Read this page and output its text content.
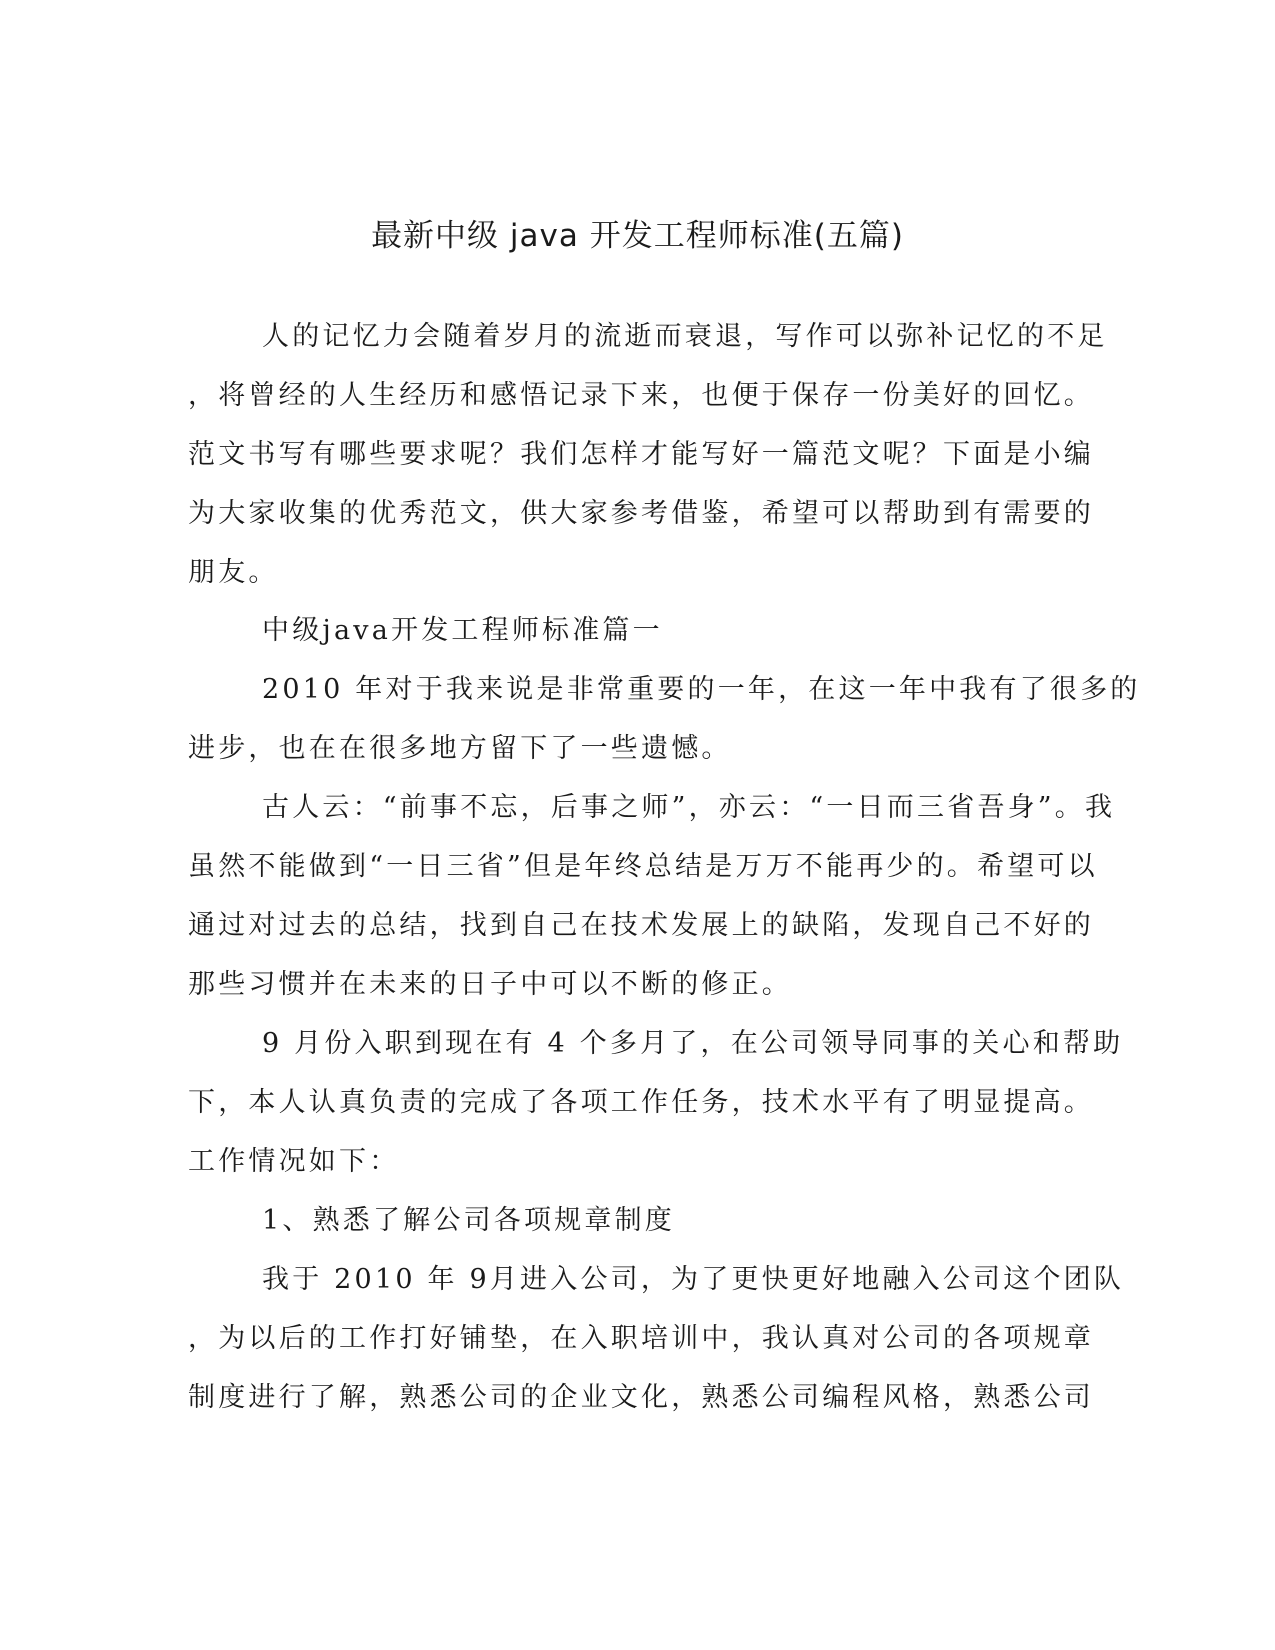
最新中级 java 开发工程师标准(五篇)
人的记忆力会随着岁月的流逝而衰退，写作可以弥补记忆的不足
，将曾经的人生经历和感悟记录下来，也便于保存一份美好的回忆。
范文书写有哪些要求呢？我们怎样才能写好一篇范文呢？下面是小编
为大家收集的优秀范文，供大家参考借鉴，希望可以帮助到有需要的
朋友。
中级java开发工程师标准篇一
2010 年对于我来说是非常重要的一年，在这一年中我有了很多的
进步，也在在很多地方留下了一些遗憾。
古人云：“前事不忘，后事之师”，亦云：“一日而三省吾身”。我
虽然不能做到“一日三省”但是年终总结是万万不能再少的。希望可以
通过对过去的总结，找到自己在技术发展上的缺陷，发现自己不好的
那些习惯并在未来的日子中可以不断的修正。
9 月份入职到现在有 4 个多月了，在公司领导同事的关心和帮助
下，本人认真负责的完成了各项工作任务，技术水平有了明显提高。
工作情况如下：
1、熟悉了解公司各项规章制度
我于 2010 年 9月进入公司，为了更快更好地融入公司这个团队
，为以后的工作打好铺垫，在入职培训中，我认真对公司的各项规章
制度进行了解，熟悉公司的企业文化，熟悉公司编程风格，熟悉公司
